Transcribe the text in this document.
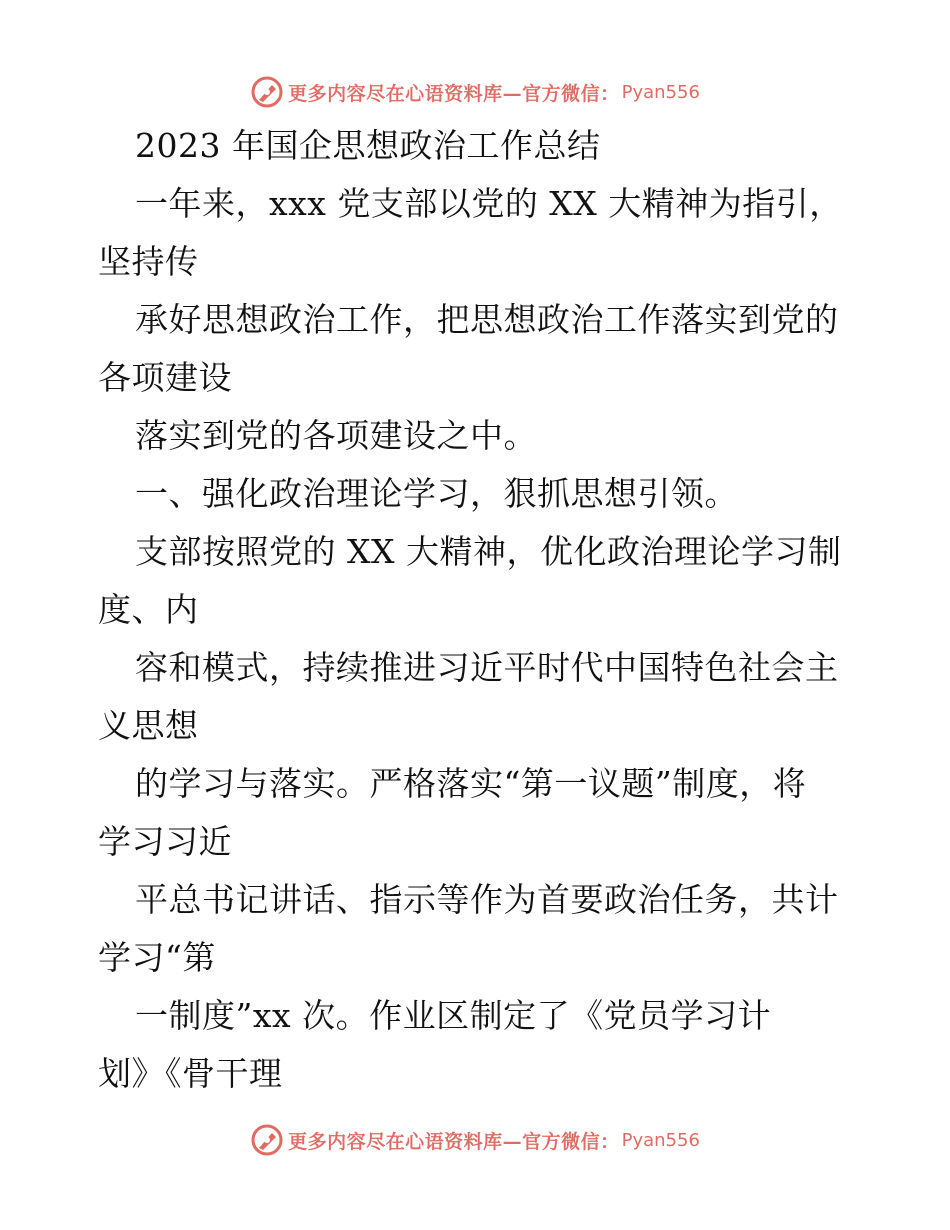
更多内容尽在心语资料库—官方微信： Pyan556
2023 年国企思想政治工作总结
一年来，xxx 党支部以党的 XX 大精神为指引，
坚持传
承好思想政治工作，把思想政治工作落实到党的
各项建设
落实到党的各项建设之中。
一、强化政治理论学习，狠抓思想引领。
支部按照党的 XX 大精神，优化政治理论学习制
度、内
容和模式，持续推进习近平时代中国特色社会主
义思想
的学习与落实。严格落实“第一议题”制度，将
学习习近
平总书记讲话、指示等作为首要政治任务，共计
学习“第
一制度”xx 次。作业区制定了《党员学习计
划》《骨干理
更多内容尽在心语资料库—官方微信： Pyan556
